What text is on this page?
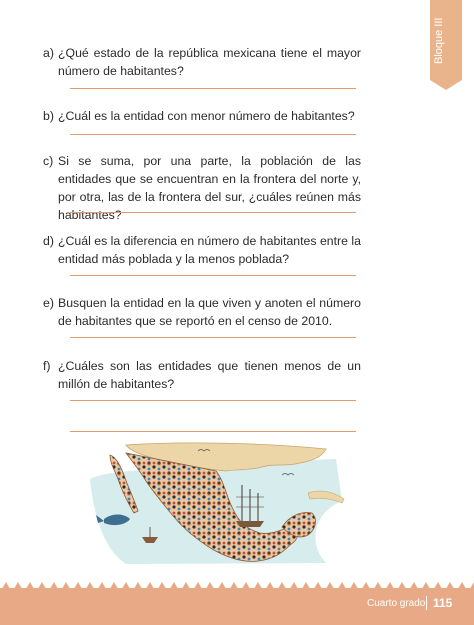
Bloque III
a) ¿Qué estado de la república mexicana tiene el mayor número de habitantes?
b) ¿Cuál es la entidad con menor número de habitantes?
c) Si se suma, por una parte, la población de las entidades que se encuentran en la frontera del norte y, por otra, las de la frontera del sur, ¿cuáles reúnen más habitantes?
d) ¿Cuál es la diferencia en número de habitantes entre la entidad más poblada y la menos poblada?
e) Busquen la entidad en la que viven y anoten el número de habitantes que se reportó en el censo de 2010.
f) ¿Cuáles son las entidades que tienen menos de un millón de habitantes?
Cuarto grado 115
